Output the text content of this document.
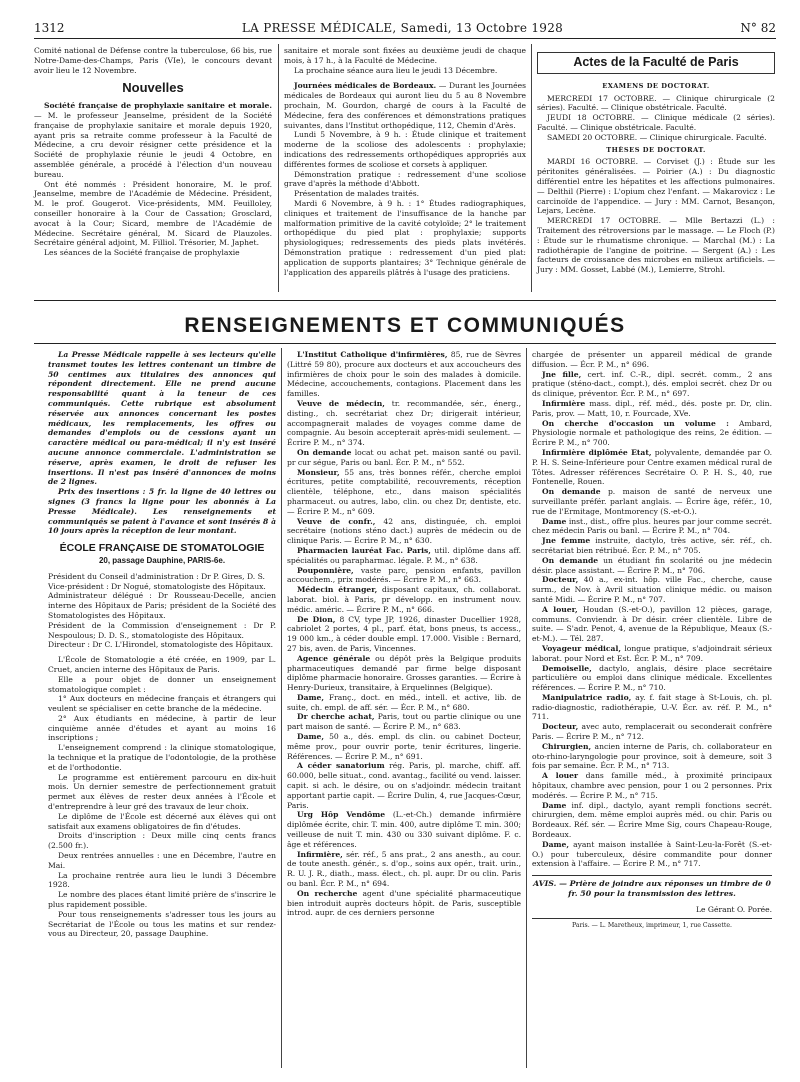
1312	LA PRESSE MÉDICALE, Samedi, 13 Octobre 1928	N° 82

Comité national de Défense contre la tuberculose, 66 bis, rue Notre-Dame-des-Champs, Paris (VIe), le concours devant avoir lieu le 12 Novembre.

Nouvelles

Société française de prophylaxie sanitaire et morale. — M. le professeur Jeanselme, président de la Société française de prophylaxie sanitaire et morale depuis 1920, ayant pris sa retraite comme professeur à la Faculté de Médecine, a cru devoir résigner cette présidence et la Société de prophylaxie réunie le jeudi 4 Octobre, en assemblée générale, a procédé à l'élection d'un nouveau bureau.

Ont été nommés : Président honoraire, M. le prof. Jeanselme, membre de l'Académie de Médecine. Président, M. le prof. Gougerot. Vice-présidents, MM. Feuilloley, conseiller honoraire à la Cour de Cassation; Grosclard, avocat à la Cour; Sicard, membre de l'Académie de Médecine. Secrétaire général, M. Sicard de Plauzoles. Secrétaire général adjoint, M. Filliol. Trésorier, M. Japhet.

Les séances de la Société française de prophylaxie

sanitaire et morale sont fixées au deuxième jeudi de chaque mois, à 17 h., à la Faculté de Médecine.

La prochaine séance aura lieu le jeudi 13 Décembre.

Journées médicales de Bordeaux. — Durant les Journées médicales de Bordeaux qui auront lieu du 5 au 8 Novembre prochain, M. Gourdon, chargé de cours à la Faculté de Médecine, fera des conférences et démonstrations pratiques suivantes, dans l'Institut orthopédique, 112, Chemin d'Arès.

Lundi 5 Novembre, à 9 h. : Étude clinique et traitement moderne de la scoliose des adolescents : prophylaxie; indications des redressements orthopédiques appropriés aux différentes formes de scoliose et corsets à appliquer.

Démonstration pratique : redressement d'une scoliose grave d'après la méthode d'Abbott.

Présentation de malades traités.

Mardi 6 Novembre, à 9 h. : 1° Études radiographiques, cliniques et traitement de l'insuffisance de la hanche par malformation primitive de la cavité cotyloïde; 2° le traitement orthopédique du pied plat : prophylaxie; supports physiologiques; redressements des pieds plats invétérés. Démonstration pratique : redressement d'un pied plat: application de supports plantaires; 3° Technique générale de l'application des appareils plâtrés à l'usage des praticiens.

Actes de la Faculté de Paris
EXAMENS DE DOCTORAT.

MERCREDI 17 OCTOBRE. — Clinique chirurgicale (2 séries). Faculté. — Clinique obstétricale. Faculté.

JEUDI 18 OCTOBRE. — Clinique médicale (2 séries). Faculté. — Clinique obstétricale. Faculté.

SAMEDI 20 OCTOBRE. — Clinique chirurgicale. Faculté.

THÈSES DE DOCTORAT.

MARDI 16 OCTOBRE. — Corviset (J.) : Étude sur les péritonites généralisées. — Poirier (A.) : Du diagnostic différentiel entre les hépatites et les affections pulmonaires. — Delthil (Pierre) : L'opium chez l'enfant. — Makarovicz : Le carcinoïde de l'appendice. — Jury : MM. Carnot, Besançon, Lejars, Lecène.

MERCREDI 17 OCTOBRE. — Mlle Bertazzi (L.) : Traitement des rétroversions par le massage. — Le Floch (P.) : Étude sur le rhumatisme chronique. — Marchal (M.) : La radiothérapie de l'angine de poitrine. — Sergent (A.) : Les facteurs de croissance des microbes en milieux artificiels. — Jury : MM. Gosset, Labbé (M.), Lemierre, Strohl.

RENSEIGNEMENTS ET COMMUNIQUÉS

La Presse Médicale rappelle à ses lecteurs qu'elle transmet toutes les lettres contenant un timbre de 50 centimes aux titulaires des annonces qui répondent directement. Elle ne prend aucune responsabilité quant à la teneur de ces communiqués. Cette rubrique est absolument réservée aux annonces concernant les postes médicaux, les remplacements, les offres ou demandes d'emplois ou de cessions ayant un caractère médical ou para-médical; il n'y est inséré aucune annonce commerciale. L'administration se réserve, après examen, le droit de refuser les insertions. Il n'est pas inséré d'annonces de moins de 2 lignes.

Prix des insertions : 5 fr. la ligne de 40 lettres ou signes (3 francs la ligne pour les abonnés à La Presse Médicale). Les renseignements et communiqués se paient à l'avance et sont insérés 8 à 10 jours après la réception de leur montant.

ÉCOLE FRANÇAISE DE STOMATOLOGIE
20, passage Dauphine, PARIS-6e.

Président du Conseil d'administration : Dr P. Gires, D. S.

Vice-président : Dr Nogué, stomatologiste des Hôpitaux.

Administrateur délégué : Dr Rousseau-Decelle, ancien interne des Hôpitaux de Paris; président de la Société des Stomatologistes des Hôpitaux.

Président de la Commission d'enseignement : Dr P. Nespoulous; D. D. S., stomatologiste des Hôpitaux.

Directeur : Dr C. L'Hirondel, stomatologiste des Hôpitaux.

L'École de Stomatologie a été créée, en 1909, par L. Cruet, ancien interne des Hôpitaux de Paris.

Elle a pour objet de donner un enseignement stomatologique complet :

1° Aux docteurs en médecine français et étrangers qui veulent se spécialiser en cette branche de la médecine.

2° Aux étudiants en médecine, à partir de leur cinquième année d'études et ayant au moins 16 inscriptions ;

L'enseignement comprend : la clinique stomatologique, la technique et la pratique de l'odontologie, de la prothèse et de l'orthodontie.

Le programme est entièrement parcouru en dix-huit mois. Un dernier semestre de perfectionnement gratuit permet aux élèves de rester deux années à l'École et d'entreprendre à leur gré des travaux de leur choix.

Le diplôme de l'École est décerné aux élèves qui ont satisfait aux examens obligatoires de fin d'études.

Droits d'inscription : Deux mille cinq cents francs (2.500 fr.).

Deux rentrées annuelles : une en Décembre, l'autre en Mai.

La prochaine rentrée aura lieu le lundi 3 Décembre 1928.

Le nombre des places étant limité prière de s'inscrire le plus rapidement possible.

Pour tous renseignements s'adresser tous les jours au Secrétariat de l'École ou tous les matins et sur rendez-vous au Directeur, 20, passage Dauphine.

L'Institut Catholique d'infirmières, 85, rue de Sèvres (Littré 59 80), procure aux docteurs et aux accoucheurs des infirmières de choix pour le soin des malades à domicile. Médecine, accouchements, contagions. Placement dans les familles.

Veuve de médecin, tr. recommandée, sér., énerg., disting., ch. secrétariat chez Dr; dirigerait intérieur, accompagnerait malades de voyages comme dame de compagnie. Au besoin accepterait après-midi seulement. — Écrire P. M., n° 374.

On demande locat ou achat pet. maison santé ou pavil. pr cur ségue, Paris ou banl. Écr. P. M., n° 552.

Monsieur, 55 ans, très bonnes référ., cherche emploi écritures, petite comptabilité, recouvrements, réception clientèle, téléphone, etc., dans maison spécialités pharmaceut. ou autres, labo, clin. ou chez Dr, dentiste, etc. — Écrire P. M., n° 609.

Veuve de confr., 42 ans, distinguée, ch. emploi secrétaire (notions sténo dact.) auprès de médecin ou de clinique Paris. — Écrire P. M., n° 630.

Pharmacien lauréat Fac. Paris, util. diplôme dans aff. spécialités ou parapharmac. légale. P. M., n° 638.

Pouponnière, vaste parc, pension enfants, pavillon accouchem., prix modérés. — Écrire P. M., n° 663.

Médecin étranger, disposant capitaux, ch. collaborat. laborat. biol. à Paris, pr développ. en instrument nouv. médic. améric. — Écrire P. M., n° 666.

De Dion, 8 CV, type JP, 1926, dinaster Ducellier 1928, cabriolet 2 portes, 4 pl., parf. état, bons pneus, ts access., 19 000 km., à céder double empl. 17.000. Visible : Bernard, 27 bis, aven. de Paris, Vincennes.

Agence générale ou dépôt près la Belgique produits pharmaceutiques demandé par firme belge disposant diplôme pharmacie honoraire. Grosses garanties. — Écrire à Henry-Durieux, transitaire, à Erquelinnes (Belgique).

Dame, Franç., doct. en méd., intell. et active, lib. de suite, ch. empl. de aff. sér. — Écr. P. M., n° 680.

Dr cherche achat, Paris, tout ou partie clinique ou une part maison de santé. — Écrire P. M., n° 683.

Dame, 50 a., dés. empl. ds clin. ou cabinet Docteur, même prov., pour ouvrir porte, tenir écritures, lingerie. Références. — Écrire P. M., n° 691.

A céder sanatorium rég. Paris, pl. marche, chiff. aff. 60.000, belle situat., cond. avantag., facilité ou vend. laisser. capit. si ach. le désire, ou on s'adjoindr. médecin traitant apportant partie capit. — Écrire Dulin, 4, rue Jacques-Cœur, Paris.

Urg Hôp Vendôme (L.-et-Ch.) demande infirmière diplômée écrite, chir. T. min. 400, autre diplôme T. min. 300; veilleuse de nuit T. min. 430 ou 330 suivant diplôme. F. c. âge et références.

Infirmière, sér. réf., 5 ans prat., 2 ans anesth., au cour. de toute anesth. génér., s. d'op., soins aux opér., trait. urin., R. U. J. R., diath., mass. élect., ch. pl. aupr. Dr ou clin. Paris ou banl. Écr. P. M., n° 694.

On recherche agent d'une spécialité pharmaceutique bien introduit auprès docteurs hôpit. de Paris, susceptible introd. aupr. de ces derniers personne

chargée de présenter un appareil médical de grande diffusion. — Écr. P. M., n° 696.

Jne fille, cert. inf. C.-R., dipl. secrét. comm., 2 ans pratique (sténo-dact., compt.), dés. emploi secrét. chez Dr ou ds clinique, préventor. Écr. P. M., n° 697.

Infirmière mass. dipl., réf. méd., dés. poste pr. Dr, clin. Paris, prov. — Matt, 10, r. Fourcade, XVe.

On cherche d'occasion un volume : Ambard, Physiologie normale et pathologique des reins, 2e édition. — Écrire P. M., n° 700.

Infirmière diplômée Etat, polyvalente, demandée par O. P. H. S. Seine-Inférieure pour Centre examen médical rural de Tôtes. Adresser références Secrétaire O. P. H. S., 40, rue Fontenelle, Rouen.

On demande p. maison de santé de nerveux une surveillante préfér. parlant anglais. — Écrire âge, référ., 10, rue de l'Ermitage, Montmorency (S.-et-O.).

Dame inst., dist., offre plus. heures par jour comme secrét. chez médecin Paris ou banl. — Écrire P. M., n° 704.

Jne femme instruite, dactylo, très active, sér. réf., ch. secrétariat bien rétribué. Écr. P. M., n° 705.

On demande un étudiant fin scolarité ou jne médecin désir. place assistant. — Écrire P. M., n° 706.

Docteur, 40 a., ex-int. hôp. ville Fac., cherche, cause surm., de Nov. à Avril situation clinique médic. ou maison santé Midi. — Écrire P. M., n° 707.

A louer, Houdan (S.-et-O.), pavillon 12 pièces, garage, communs. Conviendr. à Dr désir. créer clientèle. Libre de suite. — S'adr. Penot, 4, avenue de la République, Meaux (S.-et-M.). — Tél. 287.

Voyageur médical, longue pratique, s'adjoindrait sérieux laborat. pour Nord et Est. Écr. P. M., n° 709.

Demoiselle, dactylo, anglais, désire place secrétaire particulière ou emploi dans clinique médicale. Excellentes références. — Écrire P. M., n° 710.

Manipulatrice radio, ay. f. fait stage à St-Louis, ch. pl. radio-diagnostic, radiothérapie, U.-V. Écr. av. réf. P. M., n° 711.

Docteur, avec auto, remplacerait ou seconderait confrère Paris. — Écrire P. M., n° 712.

Chirurgien, ancien interne de Paris, ch. collaborateur en oto-rhino-laryngologie pour province, soit à demeure, soit 3 fois par semaine. Écr. P. M., n° 713.

A louer dans famille méd., à proximité principaux hôpitaux, chambre avec pension, pour 1 ou 2 personnes. Prix modérés. — Écrire P. M., n° 715.

Dame inf. dipl., dactylo, ayant rempli fonctions secrét. chirurgien, dem. même emploi auprès méd. ou chir. Paris ou Bordeaux. Réf. sér. — Écrire Mme Sig, cours Chapeau-Rouge, Bordeaux.

Dame, ayant maison installée à Saint-Leu-la-Forêt (S.-et-O.) pour tuberculeux, désire commandite pour donner extension à l'affaire. — Écrire P. M., n° 717.

AVIS. — Prière de joindre aux réponses un timbre de 0 fr. 50 pour la transmission des lettres.
Le Gérant O. Porée.
Paris. — L. Maretheux, imprimeur, 1, rue Cassette.
